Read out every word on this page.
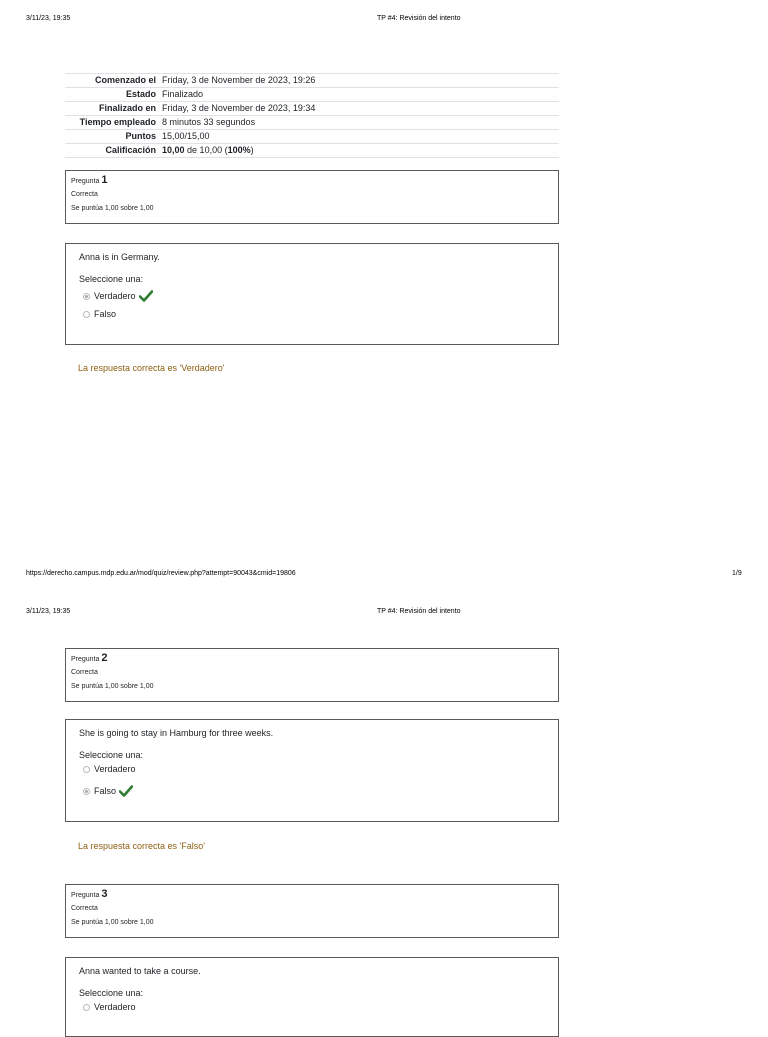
3/11/23, 19:35	TP #4: Revisión del intento
Comenzado el Friday, 3 de November de 2023, 19:26
Estado Finalizado
Finalizado en Friday, 3 de November de 2023, 19:34
Tiempo empleado 8 minutos 33 segundos
Puntos 15,00/15,00
Calificación 10,00 de 10,00 (100%)
Pregunta 1
Correcta
Se puntúa 1,00 sobre 1,00
Anna is in Germany.
Seleccione una:
Verdadero
Falso
La respuesta correcta es 'Verdadero'
https://derecho.campus.mdp.edu.ar/mod/quiz/review.php?attempt=90043&cmid=19806	1/9
3/11/23, 19:35	TP #4: Revisión del intento
Pregunta 2
Correcta
Se puntúa 1,00 sobre 1,00
She is going to stay in Hamburg for three weeks.
Seleccione una:
Verdadero
Falso
La respuesta correcta es 'Falso'
Pregunta 3
Correcta
Se puntúa 1,00 sobre 1,00
Anna wanted to take a course.
Seleccione una:
Verdadero
